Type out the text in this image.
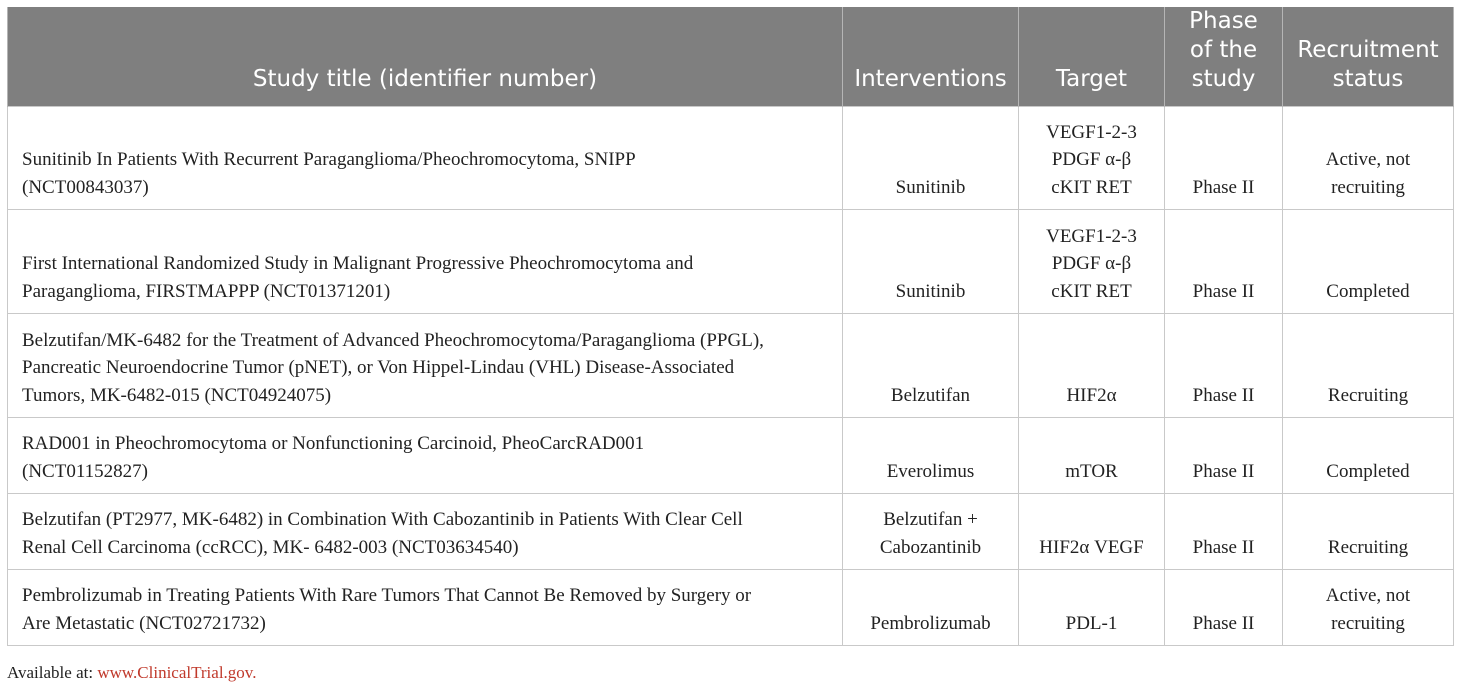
Study title (identifier number)	Interventions	Target	Phase
of the
study	Recruitment
status

Sunitinib In Patients With Recurrent Paraganglioma/Pheochromocytoma, SNIPP
(NCT00843037)	Sunitinib	VEGF1-2-3
PDGF α-β
cKIT RET	Phase II	Active, not
recruiting

First International Randomized Study in Malignant Progressive Pheochromocytoma and
Paraganglioma, FIRSTMAPPP (NCT01371201)	Sunitinib	VEGF1-2-3
PDGF α-β
cKIT RET	Phase II	Completed

Belzutifan/MK-6482 for the Treatment of Advanced Pheochromocytoma/Paraganglioma (PPGL),
Pancreatic Neuroendocrine Tumor (pNET), or Von Hippel-Lindau (VHL) Disease-Associated
Tumors, MK-6482-015 (NCT04924075)	Belzutifan	HIF2α	Phase II	Recruiting

RAD001 in Pheochromocytoma or Nonfunctioning Carcinoid, PheoCarcRAD001
(NCT01152827)	Everolimus	mTOR	Phase II	Completed

Belzutifan (PT2977, MK-6482) in Combination With Cabozantinib in Patients With Clear Cell
Renal Cell Carcinoma (ccRCC), MK- 6482-003 (NCT03634540)	Belzutifan +
Cabozantinib	HIF2α VEGF	Phase II	Recruiting

Pembrolizumab in Treating Patients With Rare Tumors That Cannot Be Removed by Surgery or
Are Metastatic (NCT02721732)	Pembrolizumab	PDL-1	Phase II	Active, not
recruiting
Available at: www.ClinicalTrial.gov.
